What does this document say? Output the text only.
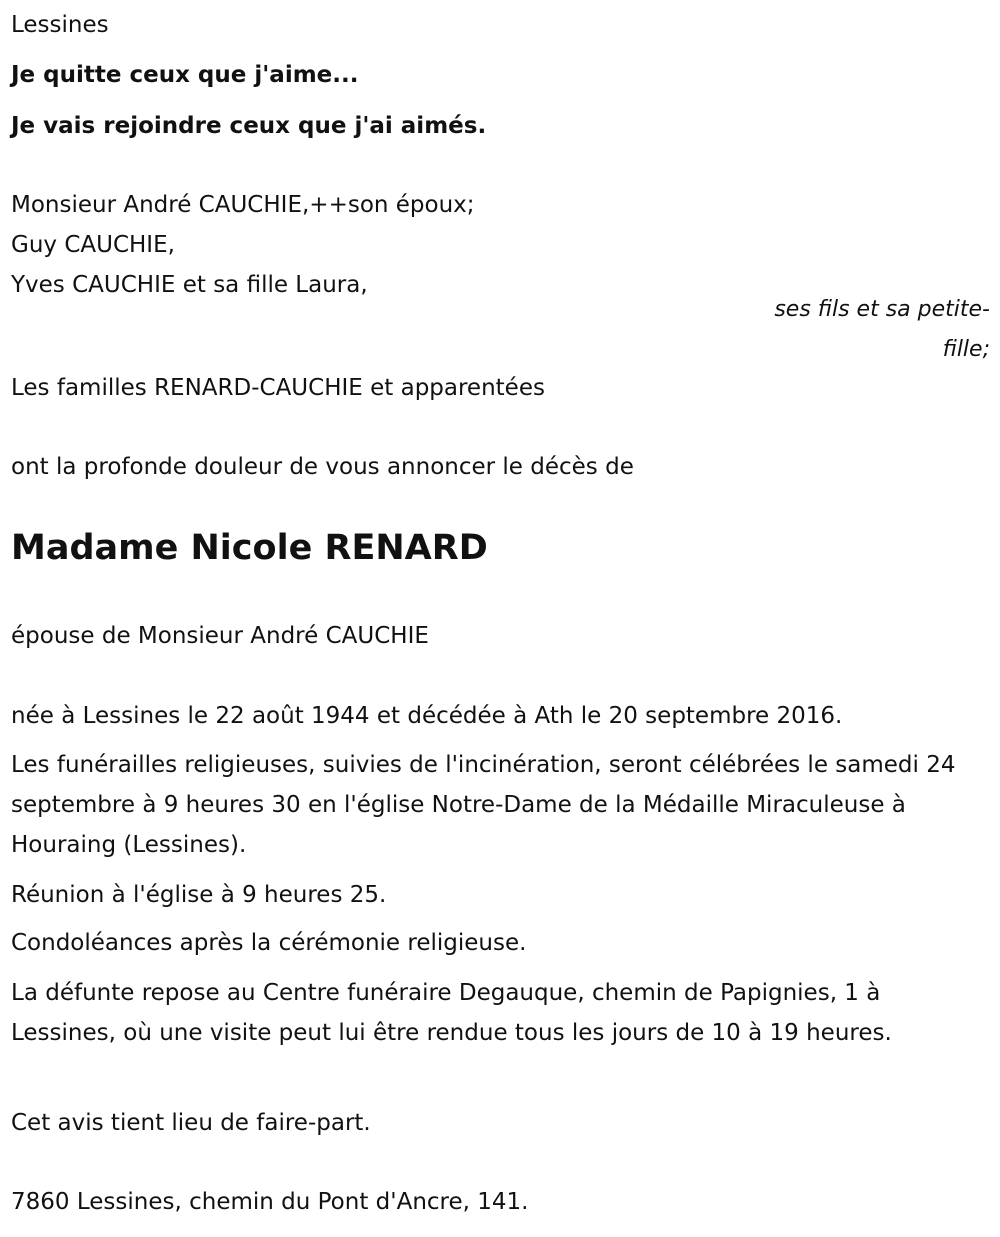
Lessines
Je quitte ceux que j'aime...
Je vais rejoindre ceux que j'ai aimés.
Monsieur André CAUCHIE,++son époux;
Guy CAUCHIE,
Yves CAUCHIE et sa fille Laura,
ses fils et sa petite-
fille;
Les familles RENARD-CAUCHIE et apparentées
ont la profonde douleur de vous annoncer le décès de
Madame Nicole RENARD
épouse de Monsieur André CAUCHIE
née à Lessines le 22 août 1944 et décédée à Ath le 20 septembre 2016.
Les funérailles religieuses, suivies de l'incinération, seront célébrées le samedi 24 septembre à 9 heures 30 en l'église Notre-Dame de la Médaille Miraculeuse à Houraing (Lessines).
Réunion à l'église à 9 heures 25.
Condoléances après la cérémonie religieuse.
La défunte repose au Centre funéraire Degauque, chemin de Papignies, 1 à Lessines, où une visite peut lui être rendue tous les jours de 10 à 19 heures.
Cet avis tient lieu de faire-part.
7860 Lessines, chemin du Pont d'Ancre, 141.
